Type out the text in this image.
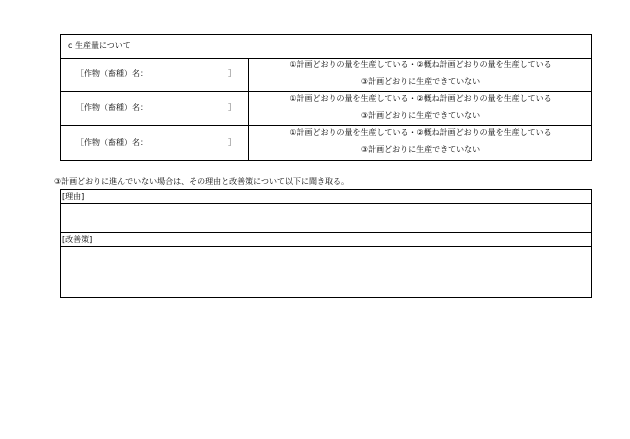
c 生産量について
［作物（畜種）名：	］
①計画どおりの量を生産している・②概ね計画どおりの量を生産している
③計画どおりに生産できていない
［作物（畜種）名：	］
①計画どおりの量を生産している・②概ね計画どおりの量を生産している
③計画どおりに生産できていない
［作物（畜種）名：	］
①計画どおりの量を生産している・②概ね計画どおりの量を生産している
③計画どおりに生産できていない
③計画どおりに進んでいない場合は、その理由と改善策について以下に聞き取る。
[理由]
[改善策]
